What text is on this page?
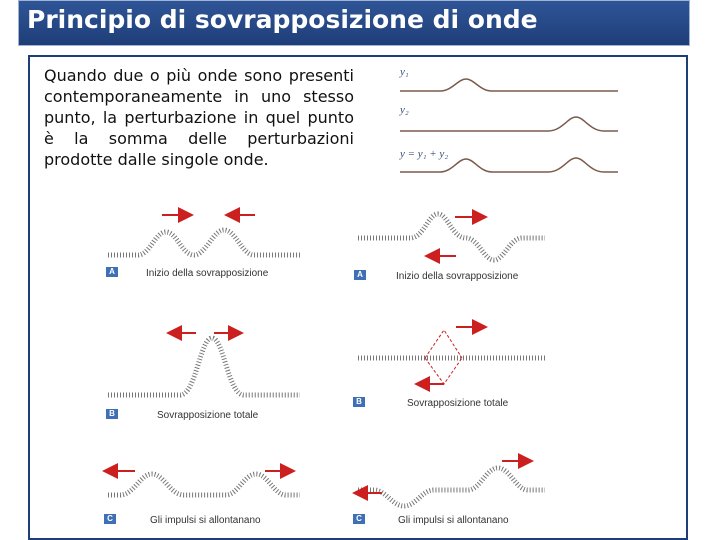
Principio di sovrapposizione di onde
Quando due o più onde sono presenti contemporaneamente in uno stesso punto, la perturbazione in quel punto è la somma delle perturbazioni prodotte dalle singole onde.
y₁
y₂
y = y₁ + y₂
A	Inizio della sovrapposizione
B	Sovrapposizione totale
C	Gli impulsi si allontanano
A	Inizio della sovrapposizione
B	Sovrapposizione totale
C	Gli impulsi si allontanano
